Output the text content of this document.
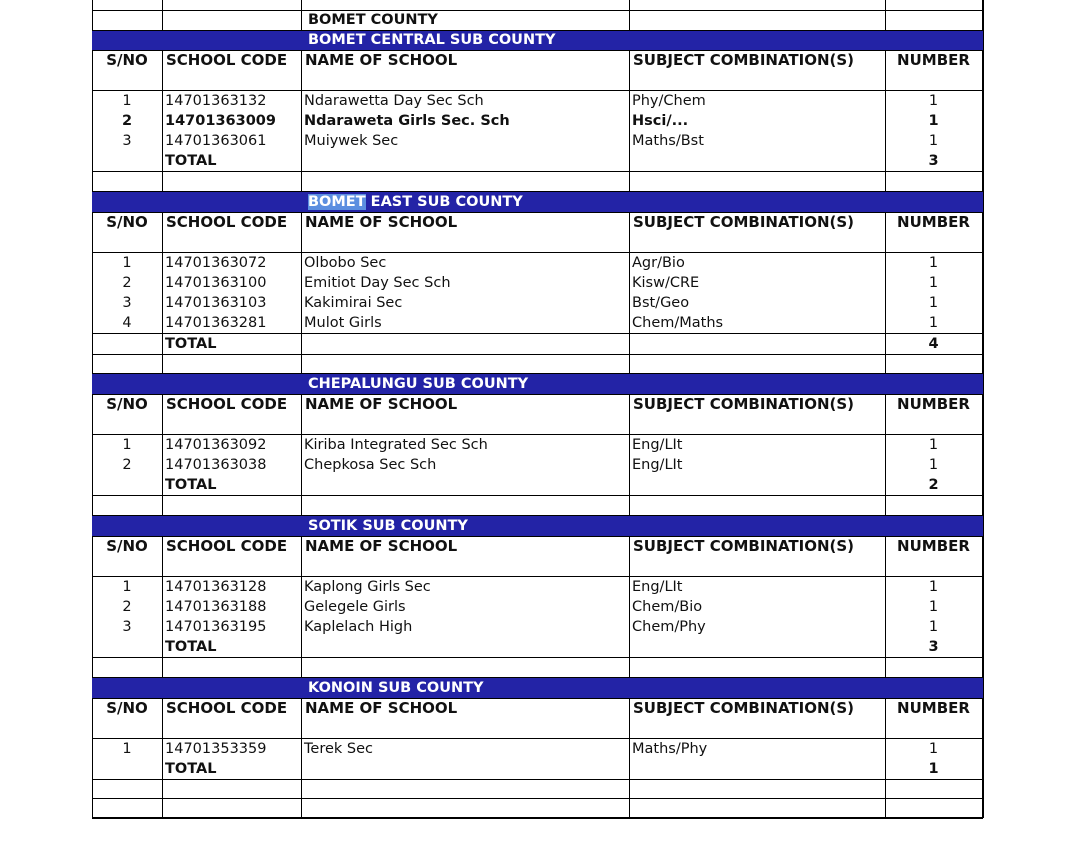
BOMET COUNTY
BOMET CENTRAL SUB COUNTY
S/NO	SCHOOL CODE	NAME OF SCHOOL	SUBJECT COMBINATION(S)	NUMBER
1	14701363132	Ndarawetta Day Sec Sch	Phy/Chem	1
2	14701363009	Ndaraweta Girls Sec. Sch	Hsci/...	1
3	14701363061	Muiywek Sec	Maths/Bst	1
TOTAL	3
BOMET EAST SUB COUNTY
S/NO	SCHOOL CODE	NAME OF SCHOOL	SUBJECT COMBINATION(S)	NUMBER
1	14701363072	Olbobo Sec	Agr/Bio	1
2	14701363100	Emitiot Day Sec Sch	Kisw/CRE	1
3	14701363103	Kakimirai Sec	Bst/Geo	1
4	14701363281	Mulot Girls	Chem/Maths	1
TOTAL	4
CHEPALUNGU SUB COUNTY
S/NO	SCHOOL CODE	NAME OF SCHOOL	SUBJECT COMBINATION(S)	NUMBER
1	14701363092	Kiriba Integrated Sec Sch	Eng/LIt	1
2	14701363038	Chepkosa Sec Sch	Eng/LIt	1
TOTAL	2
SOTIK SUB COUNTY
S/NO	SCHOOL CODE	NAME OF SCHOOL	SUBJECT COMBINATION(S)	NUMBER
1	14701363128	Kaplong Girls Sec	Eng/LIt	1
2	14701363188	Gelegele Girls	Chem/Bio	1
3	14701363195	Kaplelach High	Chem/Phy	1
TOTAL	3
KONOIN SUB COUNTY
S/NO	SCHOOL CODE	NAME OF SCHOOL	SUBJECT COMBINATION(S)	NUMBER
1	14701353359	Terek Sec	Maths/Phy	1
TOTAL	1
